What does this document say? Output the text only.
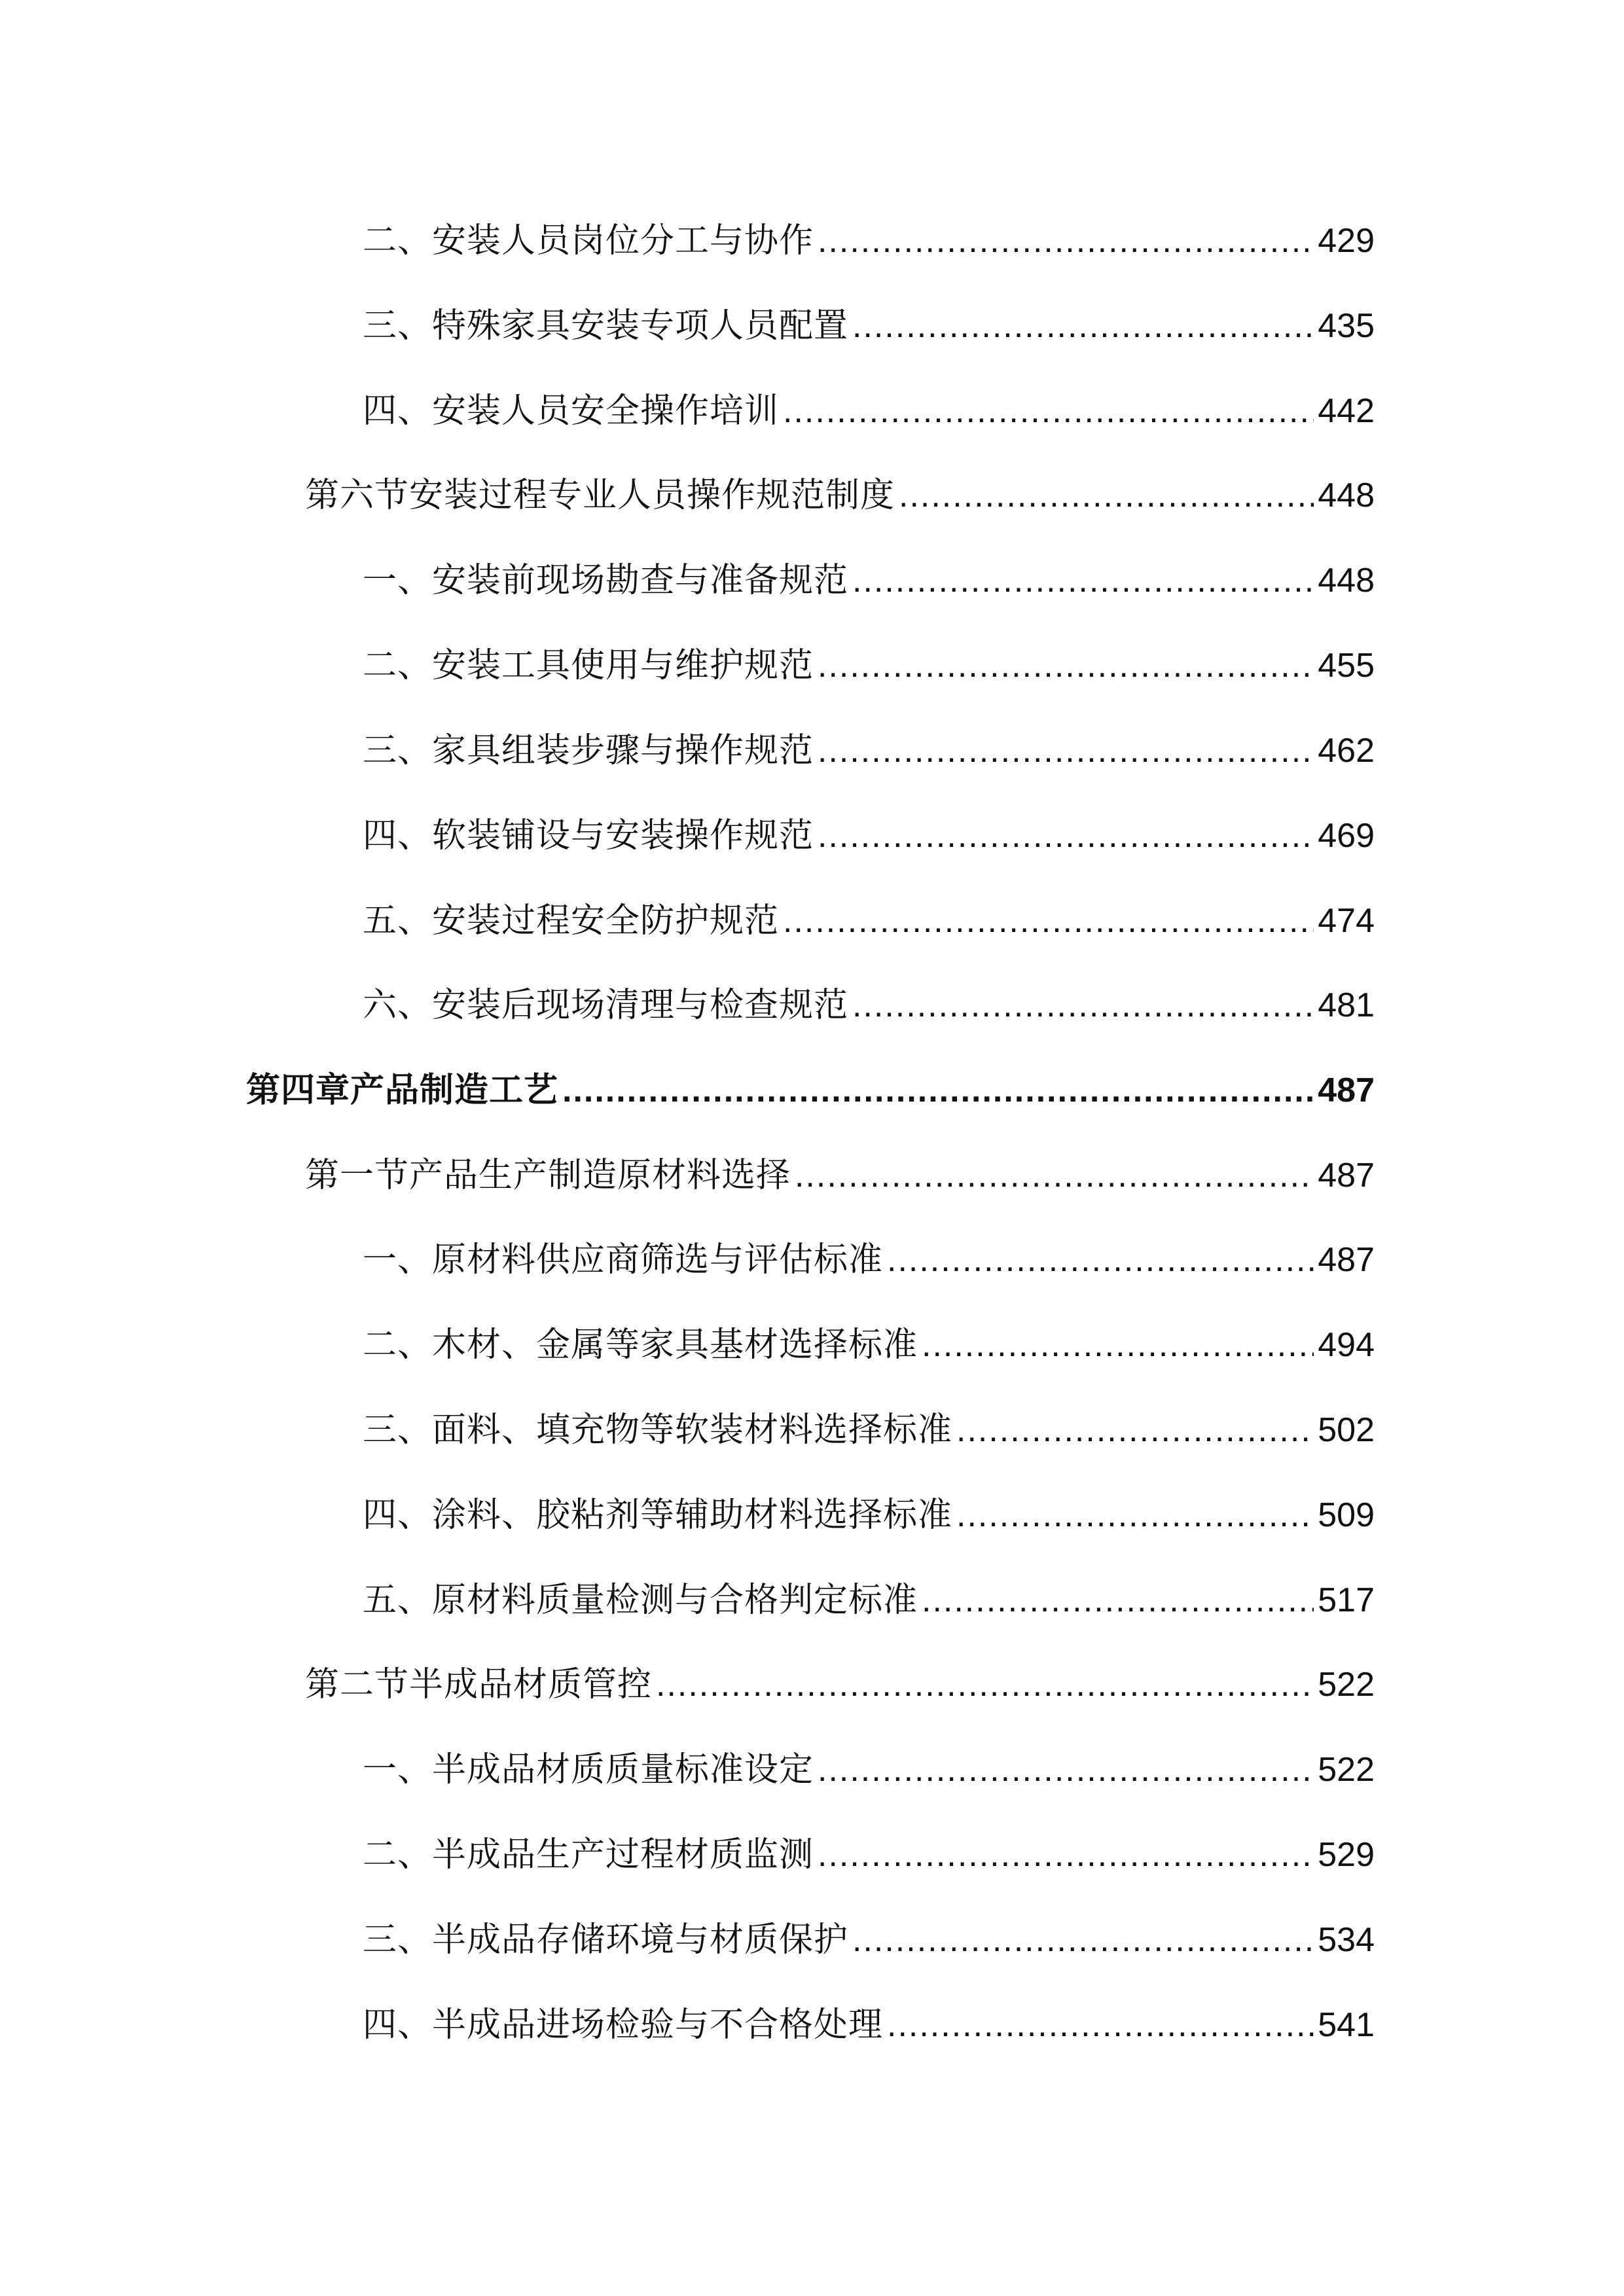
二、安装人员岗位分工与协作 .....	429
三、特殊家具安装专项人员配置 .....	435
四、安装人员安全操作培训 .....	442
第六节安装过程专业人员操作规范制度 .....	448
一、安装前现场勘查与准备规范 .....	448
二、安装工具使用与维护规范 .....	455
三、家具组装步骤与操作规范 .....	462
四、软装铺设与安装操作规范 .....	469
五、安装过程安全防护规范 .....	474
六、安装后现场清理与检查规范 .....	481
第四章产品制造工艺 .....	487
第一节产品生产制造原材料选择 .....	487
一、原材料供应商筛选与评估标准 .....	487
二、木材、金属等家具基材选择标准 .....	494
三、面料、填充物等软装材料选择标准 .....	502
四、涂料、胶粘剂等辅助材料选择标准 .....	509
五、原材料质量检测与合格判定标准 .....	517
第二节半成品材质管控 .....	522
一、半成品材质质量标准设定 .....	522
二、半成品生产过程材质监测 .....	529
三、半成品存储环境与材质保护 .....	534
四、半成品进场检验与不合格处理 .....	541
